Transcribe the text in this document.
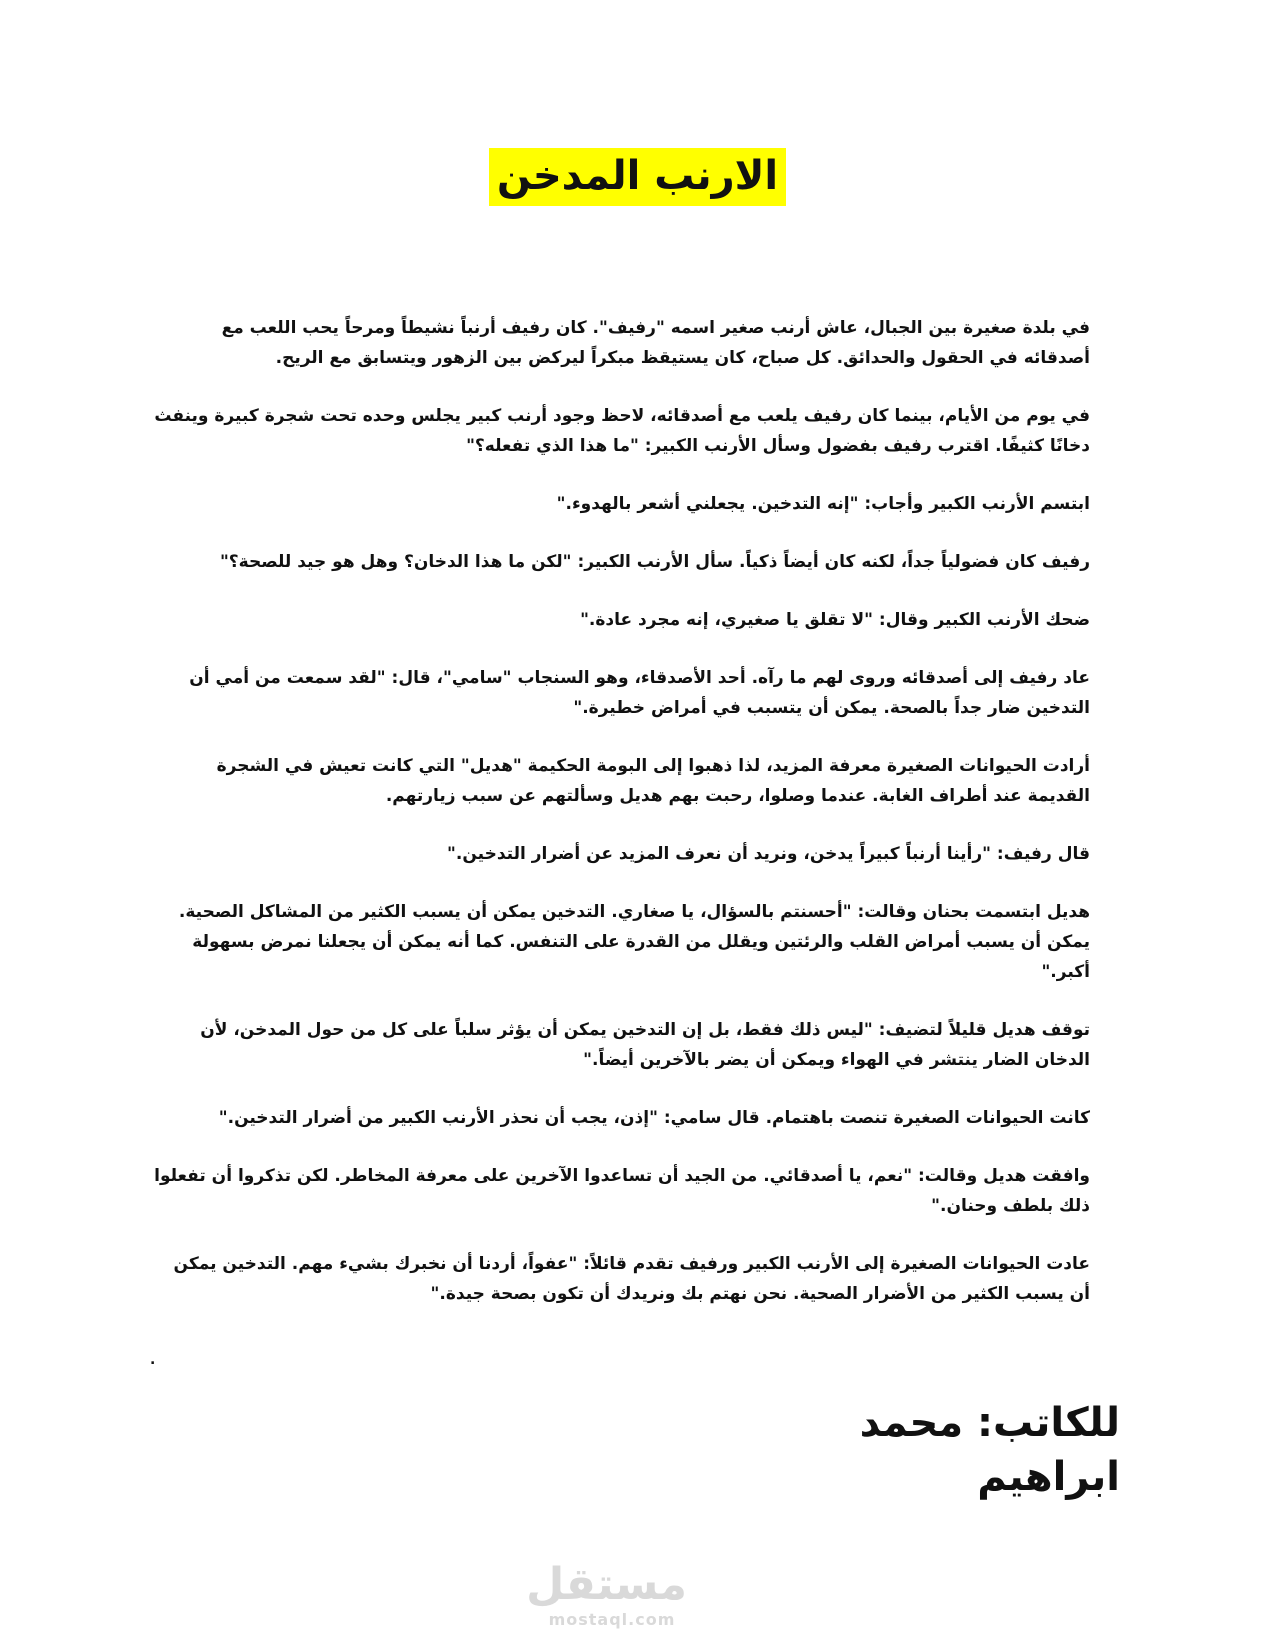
الارنب المدخن

في بلدة صغيرة بين الجبال، عاش أرنب صغير اسمه "رفيف". كان رفيف أرنباً نشيطاً ومرحاً يحب اللعب مع أصدقائه في الحقول والحدائق. كل صباح، كان يستيقظ مبكراً ليركض بين الزهور ويتسابق مع الريح.

في يوم من الأيام، بينما كان رفيف يلعب مع أصدقائه، لاحظ وجود أرنب كبير يجلس وحده تحت شجرة كبيرة وينفث دخانًا كثيفًا. اقترب رفيف بفضول وسأل الأرنب الكبير: "ما هذا الذي تفعله؟"

ابتسم الأرنب الكبير وأجاب: "إنه التدخين. يجعلني أشعر بالهدوء."

رفيف كان فضولياً جداً، لكنه كان أيضاً ذكياً. سأل الأرنب الكبير: "لكن ما هذا الدخان؟ وهل هو جيد للصحة؟"

ضحك الأرنب الكبير وقال: "لا تقلق يا صغيري، إنه مجرد عادة."

عاد رفيف إلى أصدقائه وروى لهم ما رآه. أحد الأصدقاء، وهو السنجاب "سامي"، قال: "لقد سمعت من أمي أن التدخين ضار جداً بالصحة. يمكن أن يتسبب في أمراض خطيرة."

أرادت الحيوانات الصغيرة معرفة المزيد، لذا ذهبوا إلى البومة الحكيمة "هديل" التي كانت تعيش في الشجرة القديمة عند أطراف الغابة. عندما وصلوا، رحبت بهم هديل وسألتهم عن سبب زيارتهم.

قال رفيف: "رأينا أرنباً كبيراً يدخن، ونريد أن نعرف المزيد عن أضرار التدخين."

هديل ابتسمت بحنان وقالت: "أحسنتم بالسؤال، يا صغاري. التدخين يمكن أن يسبب الكثير من المشاكل الصحية. يمكن أن يسبب أمراض القلب والرئتين ويقلل من القدرة على التنفس. كما أنه يمكن أن يجعلنا نمرض بسهولة أكبر."

توقف هديل قليلاً لتضيف: "ليس ذلك فقط، بل إن التدخين يمكن أن يؤثر سلباً على كل من حول المدخن، لأن الدخان الضار ينتشر في الهواء ويمكن أن يضر بالآخرين أيضاً."

كانت الحيوانات الصغيرة تنصت باهتمام. قال سامي: "إذن، يجب أن نحذر الأرنب الكبير من أضرار التدخين."

وافقت هديل وقالت: "نعم، يا أصدقائي. من الجيد أن تساعدوا الآخرين على معرفة المخاطر. لكن تذكروا أن تفعلوا ذلك بلطف وحنان."

عادت الحيوانات الصغيرة إلى الأرنب الكبير ورفيف تقدم قائلاً: "عفواً، أردنا أن نخبرك بشيء مهم. التدخين يمكن أن يسبب الكثير من الأضرار الصحية. نحن نهتم بك ونريدك أن تكون بصحة جيدة."

.
للكاتب: محمد ابراهيم
مستقل
mostaql.com
